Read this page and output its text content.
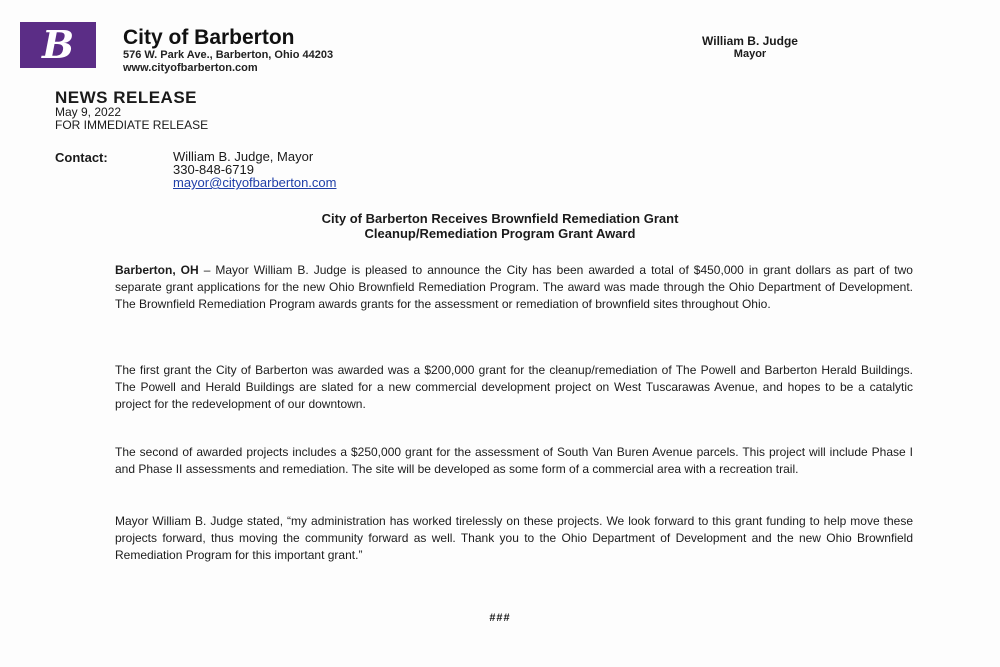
B City of Barberton
576 W. Park Ave., Barberton, Ohio 44203
www.cityofbarberton.com
William B. Judge
Mayor
NEWS RELEASE
May 9, 2022
FOR IMMEDIATE RELEASE
Contact:	William B. Judge, Mayor
330-848-6719
mayor@cityofbarberton.com
City of Barberton Receives Brownfield Remediation Grant
Cleanup/Remediation Program Grant Award
Barberton, OH – Mayor William B. Judge is pleased to announce the City has been awarded a total of $450,000 in grant dollars as part of two separate grant applications for the new Ohio Brownfield Remediation Program. The award was made through the Ohio Department of Development. The Brownfield Remediation Program awards grants for the assessment or remediation of brownfield sites throughout Ohio.
The first grant the City of Barberton was awarded was a $200,000 grant for the cleanup/remediation of The Powell and Barberton Herald Buildings. The Powell and Herald Buildings are slated for a new commercial development project on West Tuscarawas Avenue, and hopes to be a catalytic project for the redevelopment of our downtown.
The second of awarded projects includes a $250,000 grant for the assessment of South Van Buren Avenue parcels. This project will include Phase I and Phase II assessments and remediation. The site will be developed as some form of a commercial area with a recreation trail.
Mayor William B. Judge stated, “my administration has worked tirelessly on these projects. We look forward to this grant funding to help move these projects forward, thus moving the community forward as well. Thank you to the Ohio Department of Development and the new Ohio Brownfield Remediation Program for this important grant.”
###
